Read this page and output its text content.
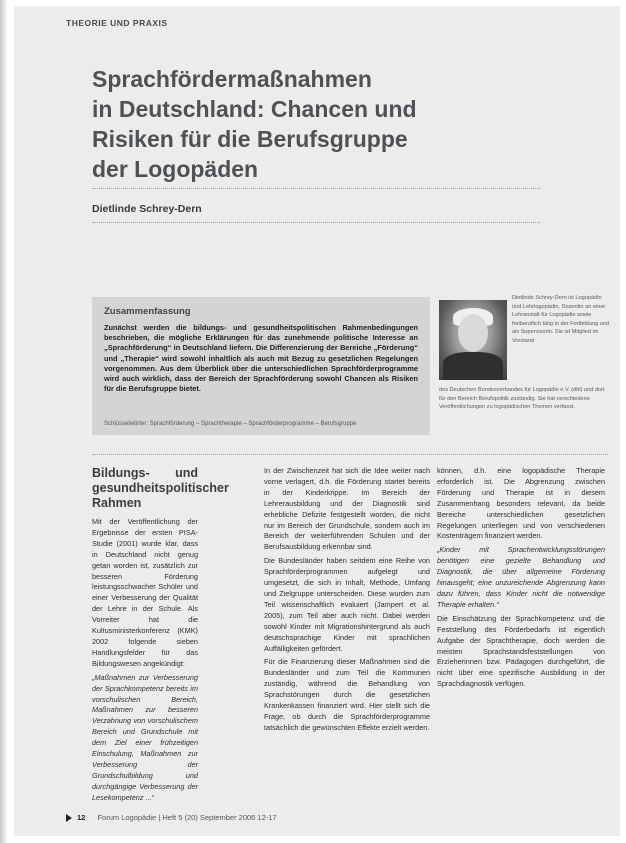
THEORIE UND PRAXIS
Sprachfördermaßnahmen
in Deutschland: Chancen und
Risiken für die Berufsgruppe
der Logopäden
Dietlinde Schrey-Dern
Zusammenfassung

Zunächst werden die bildungs- und gesundheitspolitischen Rahmenbedingungen beschrieben, die mögliche Erklärungen für das zunehmende politische Interesse an „Sprachförderung“ in Deutschland liefern. Die Differenzierung der Bereiche „Förderung“ und „Therapie“ wird sowohl inhaltlich als auch mit Bezug zu gesetzlichen Regelungen vorgenommen. Aus dem Überblick über die unterschiedlichen Sprachförderprogramme wird auch wirklich, dass der Bereich der Sprachförderung sowohl Chancen als Risiken für die Berufsgruppe bietet.

Schlüsselwörter: Sprachförderung – Sprachtherapie – Sprachförderprogramme – Berufsgruppe
Dietlinde Schrey-Dern ist Logopädin und Lehrlogopädin, Dozentin an einer Lehranstalt für Logopädie sowie freiberuflich tätig in der Fortbildung und als Supervisorin. Sie ist Mitglied im Vorstand
des Deutschen Bundesverbandes für Logopädie e.V. (dbl) und dort für den Bereich Berufspolitik zuständig. Sie hat verschiedene Veröffentlichungen zu logopädischen Themen verfasst.
Bildungs- und gesundheitspolitischer Rahmen

Mit der Veröffentlichung der Ergebnisse der ersten PISA-Studie (2001) wurde klar, dass in Deutschland nicht genug getan worden ist, zusätzlich zur besseren Förderung leistungsschwacher Schüler und einer Verbesserung der Qualität der Lehre in der Schule. Als Vorreiter hat die Kultusministerkonferenz (KMK) 2002 folgende sieben Handlungsfelder für das Bildungswesen angekündigt:

„Maßnahmen zur Verbesserung der Sprachkompetenz bereits im vorschulischen Bereich, Maßnahmen zur besseren Verzahnung von vorschulischem Bereich und Grundschule mit dem Ziel einer frühzeitigen Einschulung, Maßnahmen zur Verbesserung der Grundschulbildung und durchgängige Verbesserung der Lesekompetenz ...“

In der Zwischenzeit hat sich die Idee weiter nach vorne verlagert, d.h. die Förderung startet bereits in der Kinderkrippe. Im Bereich der Lehrerausbildung und der Diagnostik sind erhebliche Defizite festgestellt worden, die nicht nur im Bereich der Grundschule, sondern auch im Bereich der weiterführenden Schulen und der Berufsausbildung erkennbar sind.

Die Bundesländer haben seitdem eine Reihe von Sprachförderprogrammen aufgelegt und umgesetzt, die sich in Inhalt, Methode, Umfang und Zielgruppe unterscheiden. Diese wurden zum Teil wissenschaftlich evaluiert (Jampert et al. 2005), zum Teil aber auch nicht. Dabei werden sowohl Kinder mit Migrationshintergrund als auch deutschsprachige Kinder mit sprachlichen Auffälligkeiten gefördert.

Für die Finanzierung dieser Maßnahmen sind die Bundesländer und zum Teil die Kommunen zuständig, während die Behandlung von Sprachstörungen durch die gesetzlichen Krankenkassen finanziert wird. Hier stellt sich die Frage, ob durch die Sprachförderprogramme tatsächlich die gewünschten Effekte erzielt werden.

können, d.h. eine logopädische Therapie erforderlich ist. Die Abgrenzung zwischen Förderung und Therapie ist in diesem Zusammenhang besonders relevant, da beide Bereiche unterschiedlichen gesetzlichen Regelungen unterliegen und von verschiedenen Kostenträgern finanziert werden.

„Kinder mit Sprachentwicklungsstörungen benötigen eine gezielte Behandlung und Diagnostik, die über allgemeine Förderung hinausgeht; eine unzureichende Abgrenzung kann dazu führen, dass Kinder nicht die notwendige Therapie erhalten.“

Die Einschätzung der Sprachkompetenz und die Feststellung des Förderbedarfs ist eigentlich Aufgabe der Sprachtherapie, doch werden die meisten Sprachstandsfeststellungen von Erzieherinnen bzw. Pädagogen durchgeführt, die nicht über eine spezifische Ausbildung in der Sprachdiagnostik verfügen.

12 Forum Logopädie | Heft 5 (20) September 2006 12-17
